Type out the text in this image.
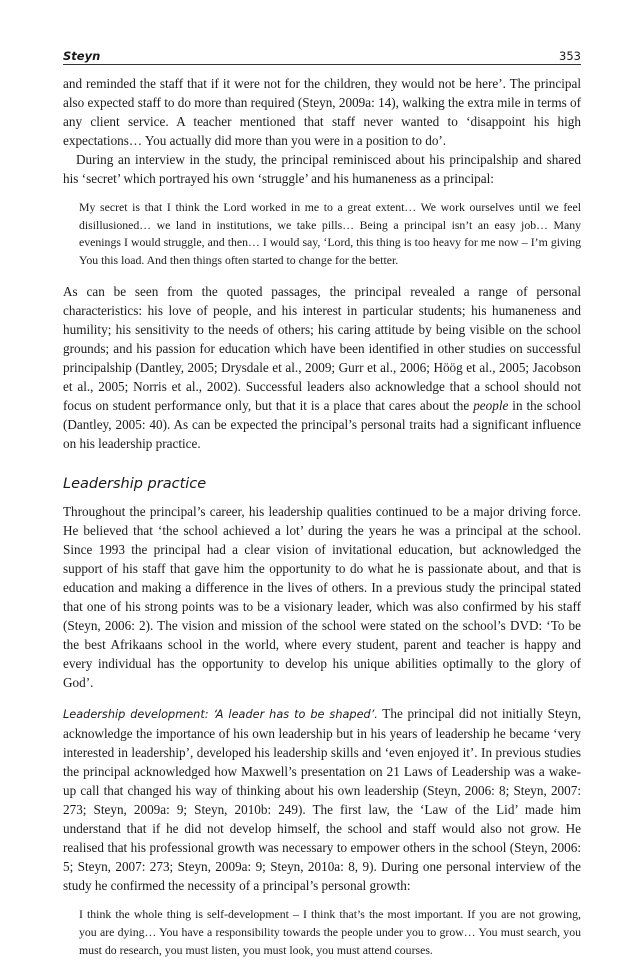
Steyn	353

and reminded the staff that if it were not for the children, they would not be here’. The principal also expected staff to do more than required (Steyn, 2009a: 14), walking the extra mile in terms of any client service. A teacher mentioned that staff never wanted to ‘disappoint his high expectations… You actually did more than you were in a position to do’.

During an interview in the study, the principal reminisced about his principalship and shared his ‘secret’ which portrayed his own ‘struggle’ and his humaneness as a principal:

My secret is that I think the Lord worked in me to a great extent… We work ourselves until we feel disillusioned… we land in institutions, we take pills… Being a principal isn’t an easy job… Many evenings I would struggle, and then… I would say, ‘Lord, this thing is too heavy for me now – I’m giving You this load. And then things often started to change for the better.

As can be seen from the quoted passages, the principal revealed a range of personal characteristics: his love of people, and his interest in particular students; his humaneness and humility; his sensitivity to the needs of others; his caring attitude by being visible on the school grounds; and his passion for education which have been identified in other studies on successful principalship (Dantley, 2005; Drysdale et al., 2009; Gurr et al., 2006; Höög et al., 2005; Jacobson et al., 2005; Norris et al., 2002). Successful leaders also acknowledge that a school should not focus on student performance only, but that it is a place that cares about the people in the school (Dantley, 2005: 40). As can be expected the principal’s personal traits had a significant influence on his leadership practice.

Leadership practice

Throughout the principal’s career, his leadership qualities continued to be a major driving force. He believed that ‘the school achieved a lot’ during the years he was a principal at the school. Since 1993 the principal had a clear vision of invitational education, but acknowledged the support of his staff that gave him the opportunity to do what he is passionate about, and that is education and making a difference in the lives of others. In a previous study the principal stated that one of his strong points was to be a visionary leader, which was also confirmed by his staff (Steyn, 2006: 2). The vision and mission of the school were stated on the school’s DVD: ‘To be the best Afrikaans school in the world, where every student, parent and teacher is happy and every individual has the opportunity to develop his unique abilities optimally to the glory of God’.

Leadership development: ‘A leader has to be shaped’. The principal did not initially Steyn, acknowledge the importance of his own leadership but in his years of leadership he became ‘very interested in leadership’, developed his leadership skills and ‘even enjoyed it’. In previous studies the principal acknowledged how Maxwell’s presentation on 21 Laws of Leadership was a wake-up call that changed his way of thinking about his own leadership (Steyn, 2006: 8; Steyn, 2007: 273; Steyn, 2009a: 9; Steyn, 2010b: 249). The first law, the ‘Law of the Lid’ made him understand that if he did not develop himself, the school and staff would also not grow. He realised that his professional growth was necessary to empower others in the school (Steyn, 2006: 5; Steyn, 2007: 273; Steyn, 2009a: 9; Steyn, 2010a: 8, 9). During one personal interview of the study he confirmed the necessity of a principal’s personal growth:

I think the whole thing is self-development – I think that’s the most important. If you are not growing, you are dying… You have a responsibility towards the people under you to grow… You must search, you must do research, you must listen, you must look, you must attend courses.
